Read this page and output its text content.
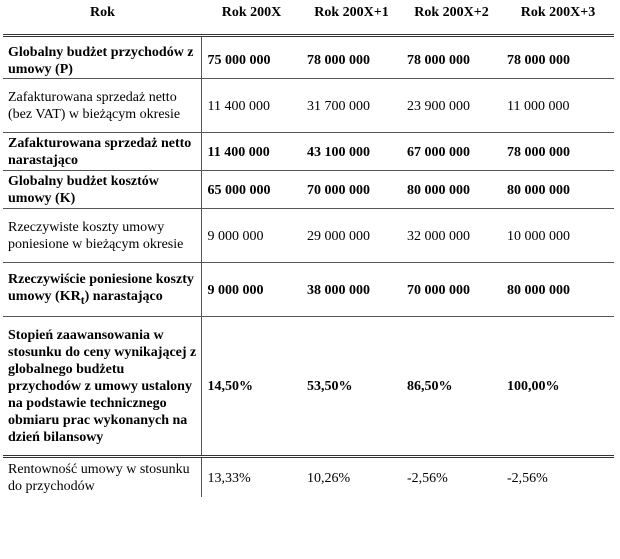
Rok	Rok 200X	Rok 200X+1	Rok 200X+2	Rok 200X+3
Globalny budżet przychodów z umowy (P)	75 000 000	78 000 000	78 000 000	78 000 000
Zafakturowana sprzedaż netto (bez VAT) w bieżącym okresie	11 400 000	31 700 000	23 900 000	11 000 000
Zafakturowana sprzedaż netto narastająco	11 400 000	43 100 000	67 000 000	78 000 000
Globalny budżet kosztów umowy (K)	65 000 000	70 000 000	80 000 000	80 000 000
Rzeczywiste koszty umowy poniesione w bieżącym okresie	9 000 000	29 000 000	32 000 000	10 000 000
Rzeczywiście poniesione koszty umowy $(KR_t)$ narastająco	9 000 000	38 000 000	70 000 000	80 000 000
Stopień zaawansowania w stosunku do ceny wynikającej z globalnego budżetu przychodów z umowy ustalony na podstawie technicznego obmiaru prac wykonanych na dzień bilansowy	14,50%	53,50%	86,50%	100,00%
Rentowność umowy w stosunku do przychodów	13,33%	10,26%	-2,56%	-2,56%
